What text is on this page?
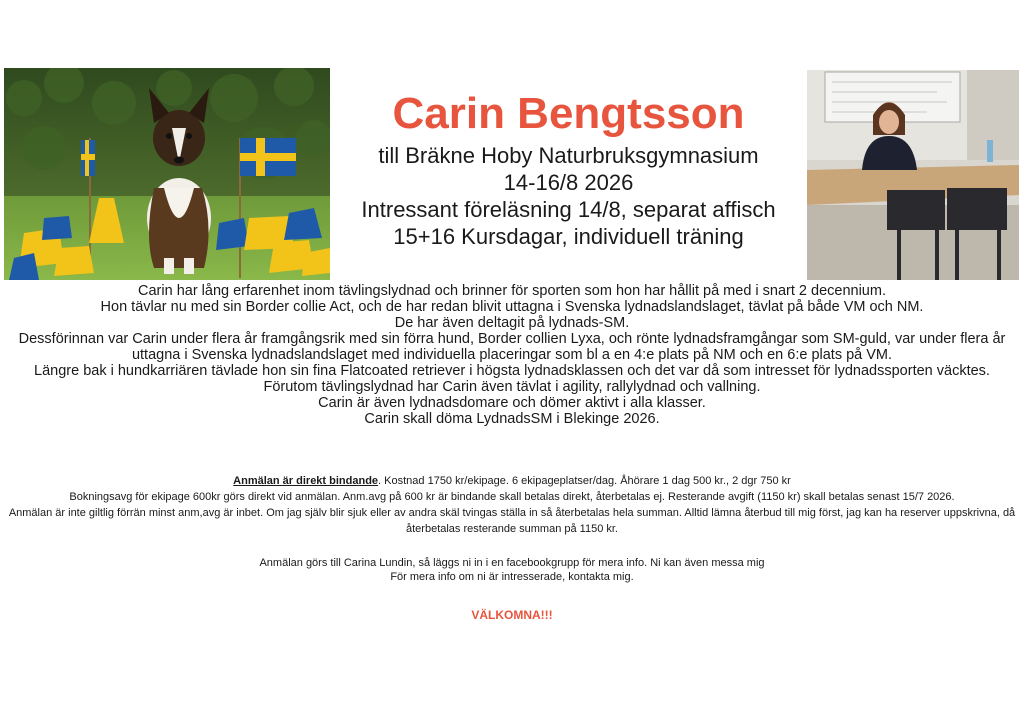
Carin Bengtsson
till Bräkne Hoby Naturbruksgymnasium
14-16/8 2026
Intressant föreläsning 14/8, separat affisch
15+16 Kursdagar, individuell träning
Carin har lång erfarenhet inom tävlingslydnad och brinner för sporten som hon har hållit på med i snart 2 decennium.
Hon tävlar nu med sin Border collie Act, och de har redan blivit uttagna i Svenska lydnadslandslaget, tävlat på både VM och NM.
De har även deltagit på lydnads-SM.
Dessförinnan var Carin under flera år framgångsrik med sin förra hund, Border collien Lyxa, och rönte lydnadsframgångar som SM-guld, var under flera år uttagna i Svenska lydnadslandslaget med individuella placeringar som bl a en 4:e plats på NM och en 6:e plats på VM.
Längre bak i hundkarriären tävlade hon sin fina Flatcoated retriever i högsta lydnadsklassen och det var då som intresset för lydnadssporten väcktes.
Förutom tävlingslydnad har Carin även tävlat i agility, rallylydnad och vallning.
Carin är även lydnadsdomare och dömer aktivt i alla klasser.
Carin skall döma LydnadsSM i Blekinge 2026.
Anmälan är direkt bindande. Kostnad 1750 kr/ekipage. 6 ekipageplatser/dag. Åhörare 1 dag 500 kr., 2 dgr 750 kr
Bokningsavg för ekipage 600kr görs direkt vid anmälan. Anm.avg på 600 kr är bindande skall betalas direkt, återbetalas ej. Resterande avgift (1150 kr) skall betalas senast 15/7 2026.
Anmälan är inte giltlig förrän minst anm,avg är inbet. Om jag själv blir sjuk eller av andra skäl tvingas ställa in så återbetalas hela summan. Alltid lämna återbud till mig först, jag kan ha reserver uppskrivna, då återbetalas resterande summan på 1150 kr.
Anmälan görs till Carina Lundin, så läggs ni in i en facebookgrupp för mera info. Ni kan även messa mig
För mera info om ni är intresserade, kontakta mig.
VÄLKOMNA!!!
